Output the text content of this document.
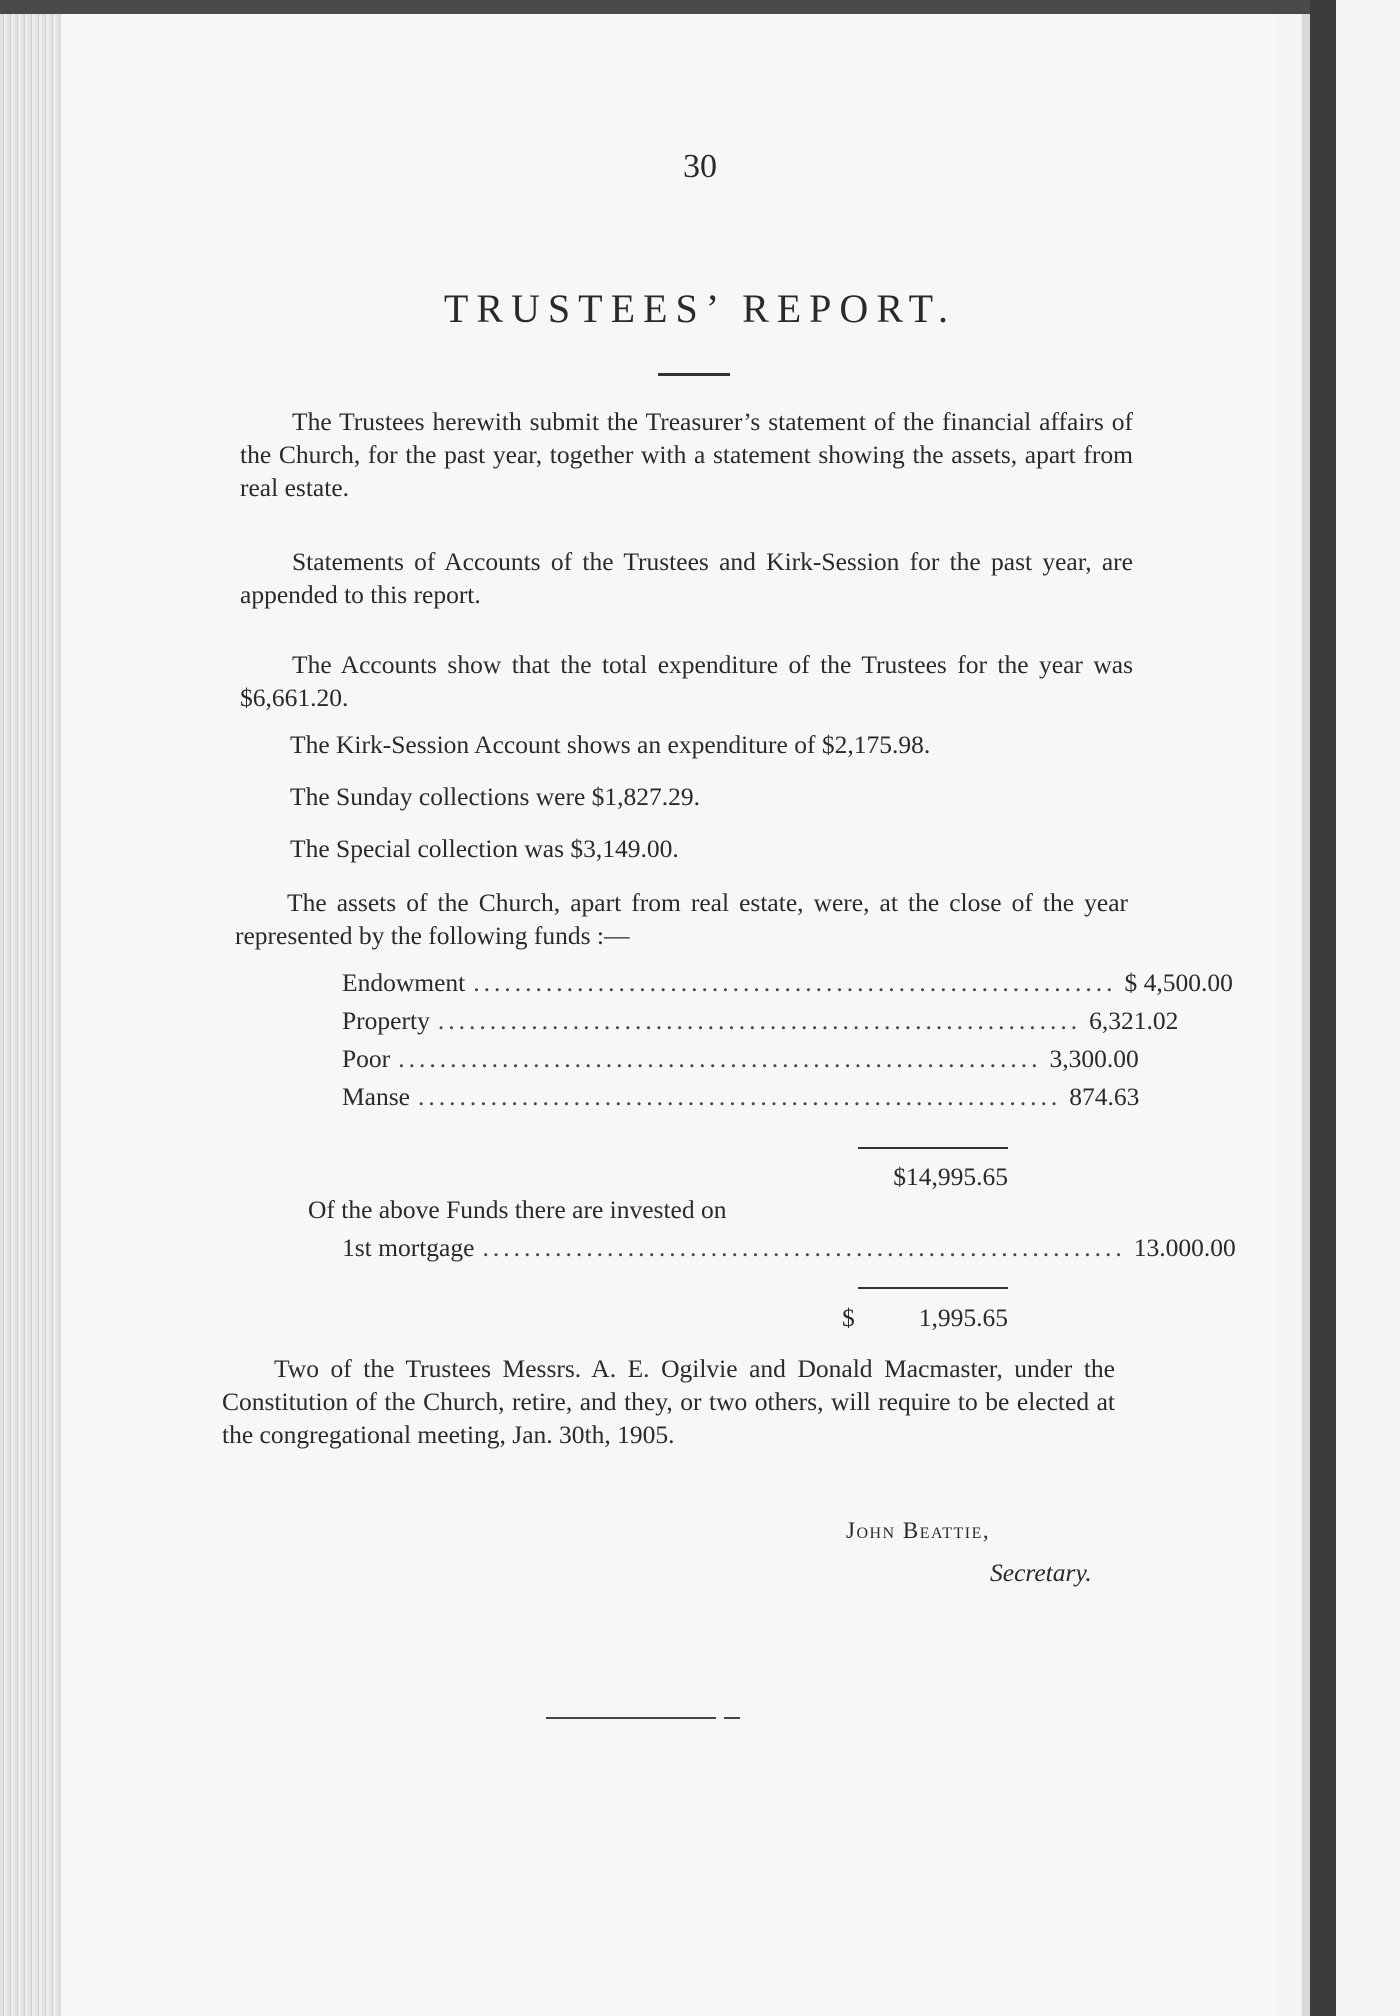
30
TRUSTEES’ REPORT.
The Trustees herewith submit the Treasurer’s statement of the financial affairs of the Church, for the past year, together with a statement showing the assets, apart from real estate.
Statements of Accounts of the Trustees and Kirk-Session for the past year, are appended to this report.
The Accounts show that the total expenditure of the Trustees for the year was $6,661.20.
The Kirk-Session Account shows an expenditure of $2,175.98.
The Sunday collections were $1,827.29.
The Special collection was $3,149.00.
The assets of the Church, apart from real estate, were, at the close of the year represented by the following funds :—
Endowment .............................................................. $ 4,500.00
Property .............................................................. 6,321.02
Poor .............................................................. 3,300.00
Manse .............................................................. 874.63
$14,995.65
Of the above Funds there are invested on
1st mortgage .............................................................. 13.000.00
$	1,995.65
Two of the Trustees Messrs. A. E. Ogilvie and Donald Macmaster, under the Constitution of the Church, retire, and they, or two others, will require to be elected at the congregational meeting, Jan. 30th, 1905.
John Beattie,
Secretary.
